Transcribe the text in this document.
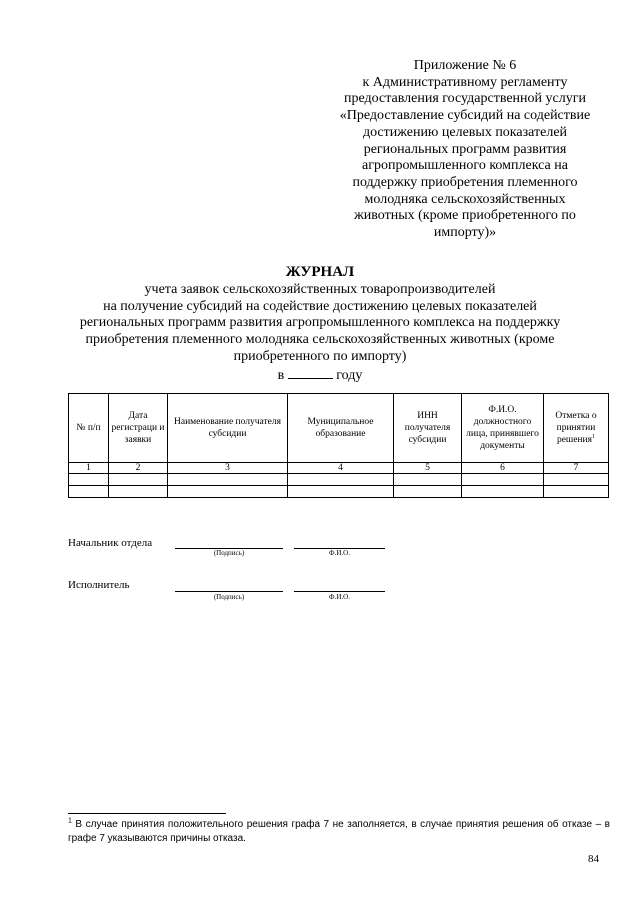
Приложение № 6
к Административному регламенту
предоставления государственной услуги
«Предоставление субсидий на содействие
достижению целевых показателей
региональных программ развития
агропромышленного комплекса на
поддержку приобретения племенного
молодняка сельскохозяйственных
животных (кроме приобретенного по
импорту)»
ЖУРНАЛ
учета заявок сельскохозяйственных товаропроизводителей
на получение субсидий на содействие достижению целевых показателей
региональных программ развития агропромышленного комплекса на поддержку
приобретения племенного молодняка сельскохозяйственных животных (кроме
приобретенного по импорту)
в	году
№ п/п	Дата регистраци и заявки	Наименование получателя субсидии	Муниципальное образование	ИНН получателя субсидии	Ф.И.О. должностного лица, принявшего документы	Отметка о принятии решения$^1$
1	2	3	4	5	6	7

Начальник отдела
(Подпись)	Ф.И.О.
Исполнитель
(Подпись)	Ф.И.О.
$^1$ В случае принятия положительного решения графа 7 не заполняется, в случае принятия решения об отказе – в графе 7 указываются причины отказа.
84
